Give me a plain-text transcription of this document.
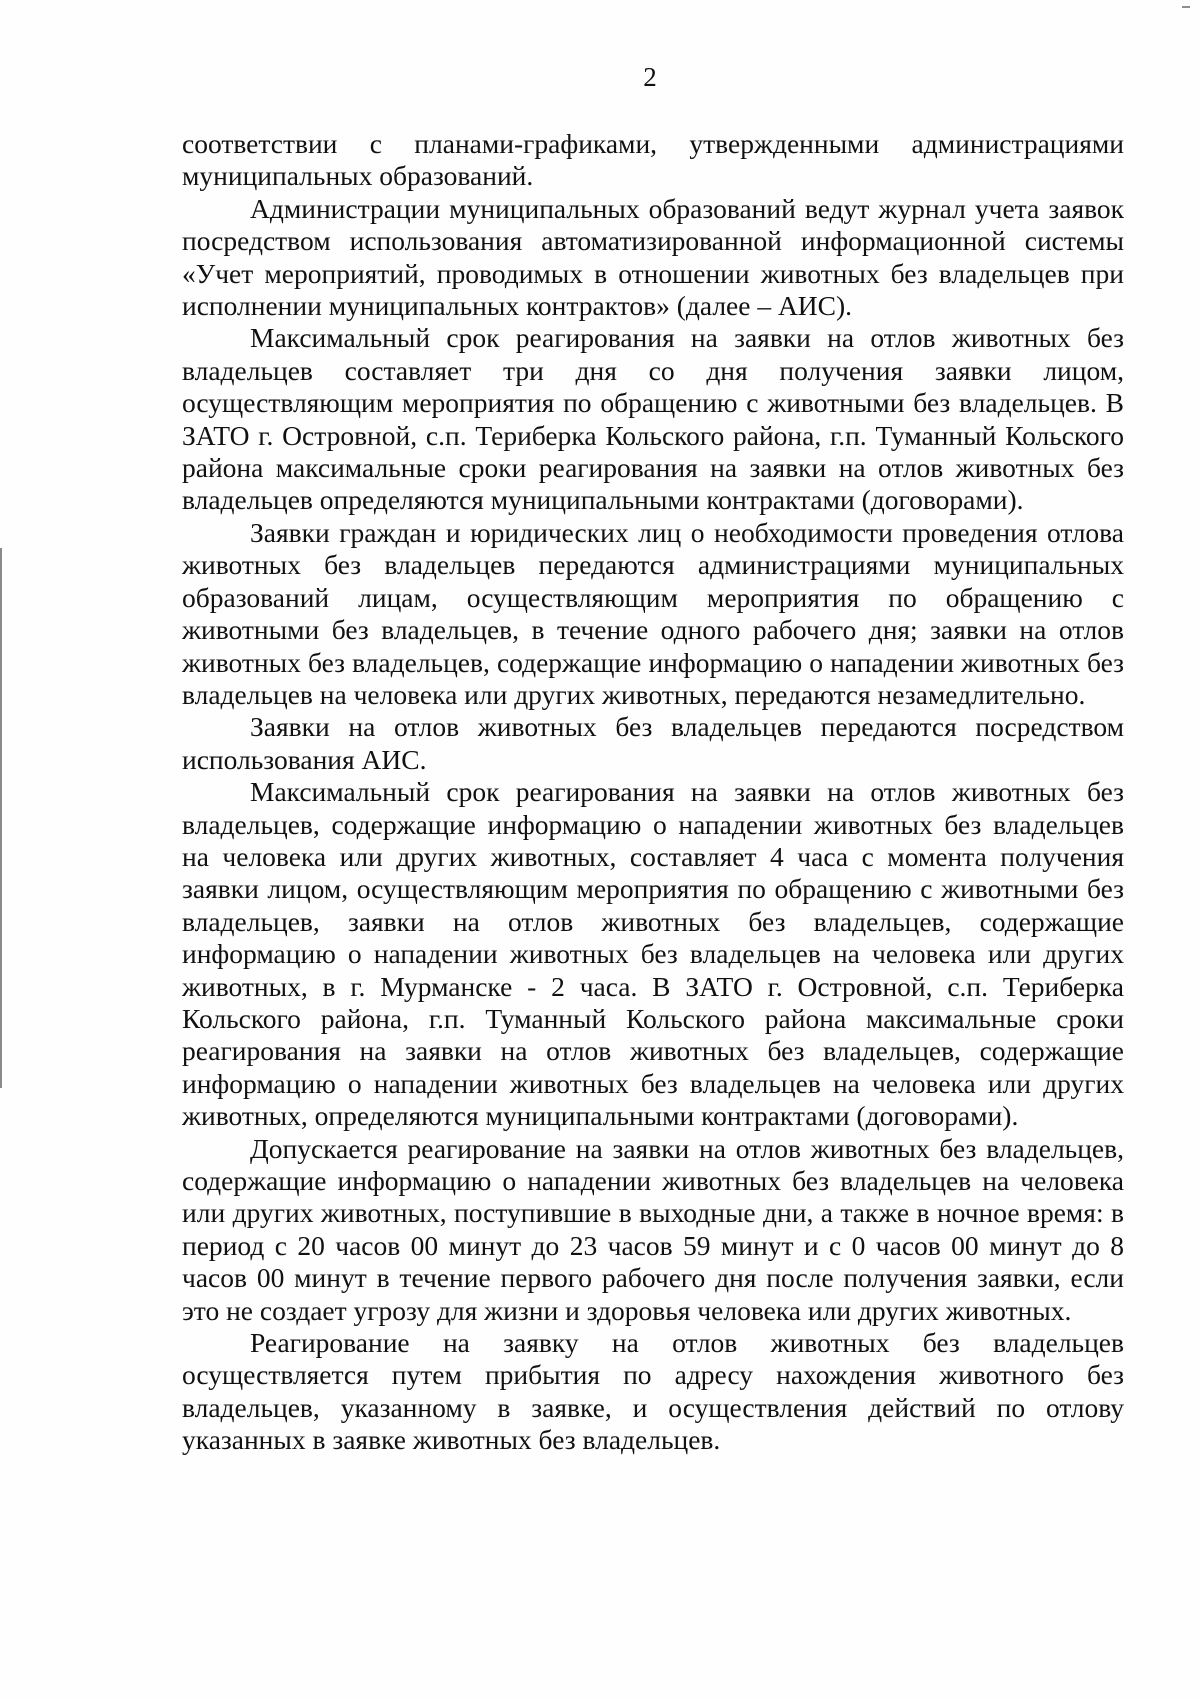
2

соответствии с планами-графиками, утвержденными администрациями муниципальных образований.

Администрации муниципальных образований ведут журнал учета заявок посредством использования автоматизированной информационной системы «Учет мероприятий, проводимых в отношении животных без владельцев при исполнении муниципальных контрактов» (далее – АИС).

Максимальный срок реагирования на заявки на отлов животных без владельцев составляет три дня со дня получения заявки лицом, осуществляющим мероприятия по обращению с животными без владельцев. В ЗАТО г. Островной, с.п. Териберка Кольского района, г.п. Туманный Кольского района максимальные сроки реагирования на заявки на отлов животных без владельцев определяются муниципальными контрактами (договорами).

Заявки граждан и юридических лиц о необходимости проведения отлова животных без владельцев передаются администрациями муниципальных образований лицам, осуществляющим мероприятия по обращению с животными без владельцев, в течение одного рабочего дня; заявки на отлов животных без владельцев, содержащие информацию о нападении животных без владельцев на человека или других животных, передаются незамедлительно.

Заявки на отлов животных без владельцев передаются посредством использования АИС.

Максимальный срок реагирования на заявки на отлов животных без владельцев, содержащие информацию о нападении животных без владельцев на человека или других животных, составляет 4 часа с момента получения заявки лицом, осуществляющим мероприятия по обращению с животными без владельцев, заявки на отлов животных без владельцев, содержащие информацию о нападении животных без владельцев на человека или других животных, в г. Мурманске - 2 часа. В ЗАТО г. Островной, с.п. Териберка Кольского района, г.п. Туманный Кольского района максимальные сроки реагирования на заявки на отлов животных без владельцев, содержащие информацию о нападении животных без владельцев на человека или других животных, определяются муниципальными контрактами (договорами).

Допускается реагирование на заявки на отлов животных без владельцев, содержащие информацию о нападении животных без владельцев на человека или других животных, поступившие в выходные дни, а также в ночное время: в период с 20 часов 00 минут до 23 часов 59 минут и с 0 часов 00 минут до 8 часов 00 минут в течение первого рабочего дня после получения заявки, если это не создает угрозу для жизни и здоровья человека или других животных.

Реагирование на заявку на отлов животных без владельцев осуществляется путем прибытия по адресу нахождения животного без владельцев, указанному в заявке, и осуществления действий по отлову указанных в заявке животных без владельцев.
